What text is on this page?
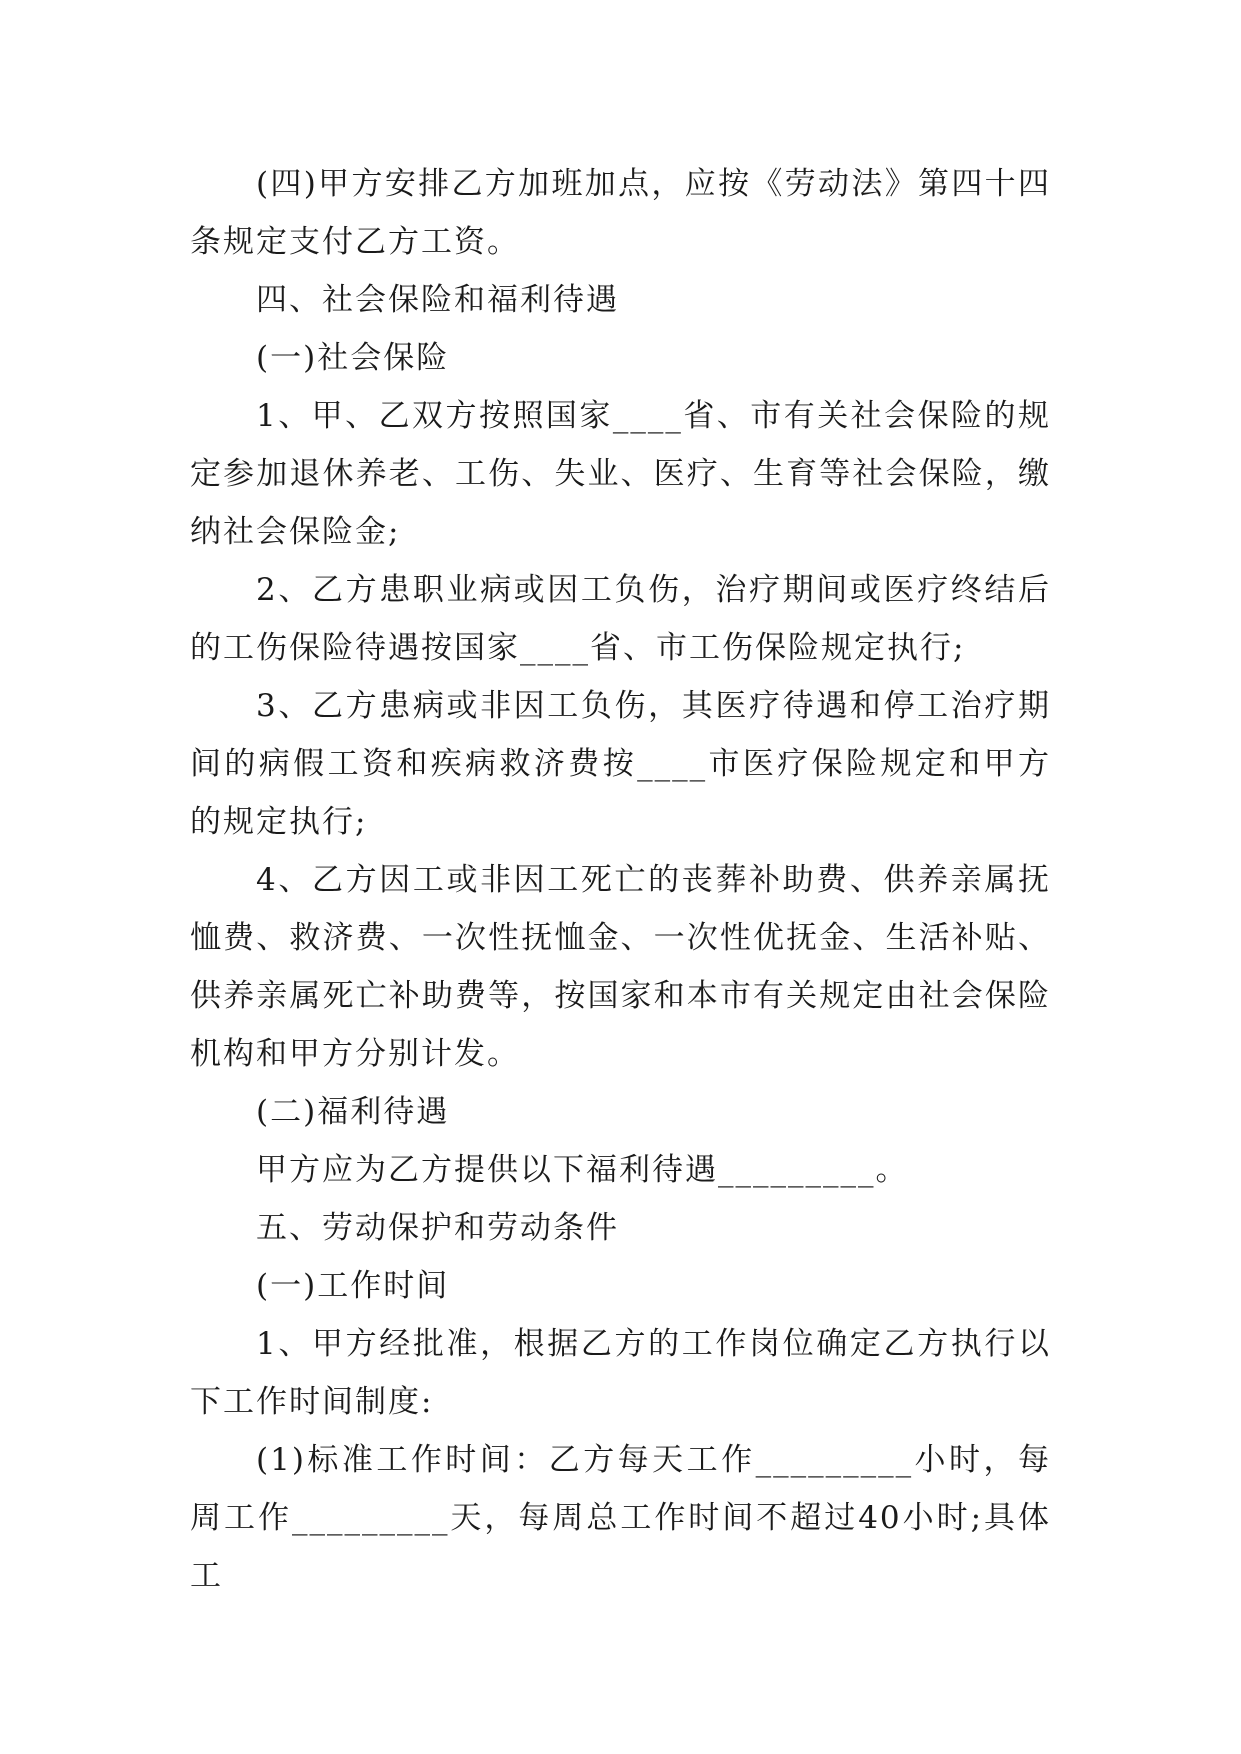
(四)甲方安排乙方加班加点，应按《劳动法》第四十四条规定支付乙方工资。

四、社会保险和福利待遇

(一)社会保险

1、甲、乙双方按照国家____省、市有关社会保险的规定参加退休养老、工伤、失业、医疗、生育等社会保险，缴纳社会保险金;

2、乙方患职业病或因工负伤，治疗期间或医疗终结后的工伤保险待遇按国家____省、市工伤保险规定执行;

3、乙方患病或非因工负伤，其医疗待遇和停工治疗期间的病假工资和疾病救济费按____市医疗保险规定和甲方的规定执行;

4、乙方因工或非因工死亡的丧葬补助费、供养亲属抚恤费、救济费、一次性抚恤金、一次性优抚金、生活补贴、供养亲属死亡补助费等，按国家和本市有关规定由社会保险机构和甲方分别计发。

(二)福利待遇

甲方应为乙方提供以下福利待遇_________。

五、劳动保护和劳动条件

(一)工作时间

1、甲方经批准，根据乙方的工作岗位确定乙方执行以下工作时间制度:

(1)标准工作时间：乙方每天工作_________小时，每周工作_________天，每周总工作时间不超过40小时;具体工
